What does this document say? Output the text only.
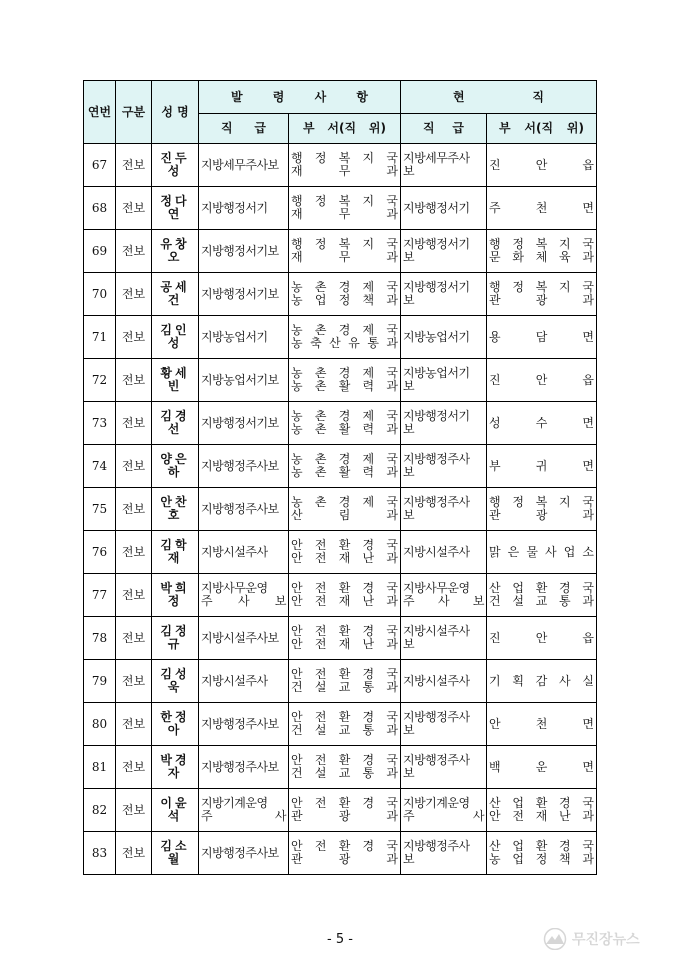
연번	구분	성 명	발 령 사 항		현 직	

			직 급	부 서(직 위)	직 급	부 서(직 위)

67	전보	진두성	지방세무주사보	행 정 복 지 국
재 무 과	지방세무주사
보	진 안 읍

68	전보	정다연	지방행정서기	행 정 복 지 국
재 무 과	지방행정서기	주 천 면

69	전보	유창오	지방행정서기보	행 정 복 지 국
재 무 과	지방행정서기
보	행 정 복 지 국
문 화 체 육 과

70	전보	공세건	지방행정서기보	농 촌 경 제 국
농 업 정 책 과	지방행정서기
보	행 정 복 지 국
관 광 과

71	전보	김인성	지방농업서기	농 촌 경 제 국
농 축 산 유 통 과	지방농업서기	용 담 면

72	전보	황세빈	지방농업서기보	농 촌 경 제 국
농 촌 활 력 과	지방농업서기
보	진 안 읍

73	전보	김경선	지방행정서기보	농 촌 경 제 국
농 촌 활 력 과	지방행정서기
보	성 수 면

74	전보	양은하	지방행정주사보	농 촌 경 제 국
농 촌 활 력 과	지방행정주사
보	부 귀 면

75	전보	안찬호	지방행정주사보	농 촌 경 제 국
산 림 과	지방행정주사
보	행 정 복 지 국
관 광 과

76	전보	김학재	지방시설주사	안 전 환 경 국
안 전 재 난 과	지방시설주사	맑 은 물 사 업 소

77	전보	박희정	지방사무운영
주 사 보	안 전 환 경 국
안 전 재 난 과	지방사무운영
주 사 보	산 업 환 경 국
건 설 교 통 과

78	전보	김정규	지방시설주사보	안 전 환 경 국
안 전 재 난 과	지방시설주사
보	진 안 읍

79	전보	김성욱	지방시설주사	안 전 환 경 국
건 설 교 통 과	지방시설주사	기 획 감 사 실

80	전보	한정아	지방행정주사보	안 전 환 경 국
건 설 교 통 과	지방행정주사
보	안 천 면

81	전보	박경자	지방행정주사보	안 전 환 경 국
건 설 교 통 과	지방행정주사
보	백 운 면

82	전보	이윤석	지방기계운영
주 사	안 전 환 경 국
관 광 과	지방기계운영
주 사	산 업 환 경 국
안 전 재 난 과

83	전보	김소월	지방행정주사보	안 전 환 경 국
관 광 과	지방행정주사
보	산 업 환 경 국
농 업 정 책 과
- 5 -	무진장뉴스
